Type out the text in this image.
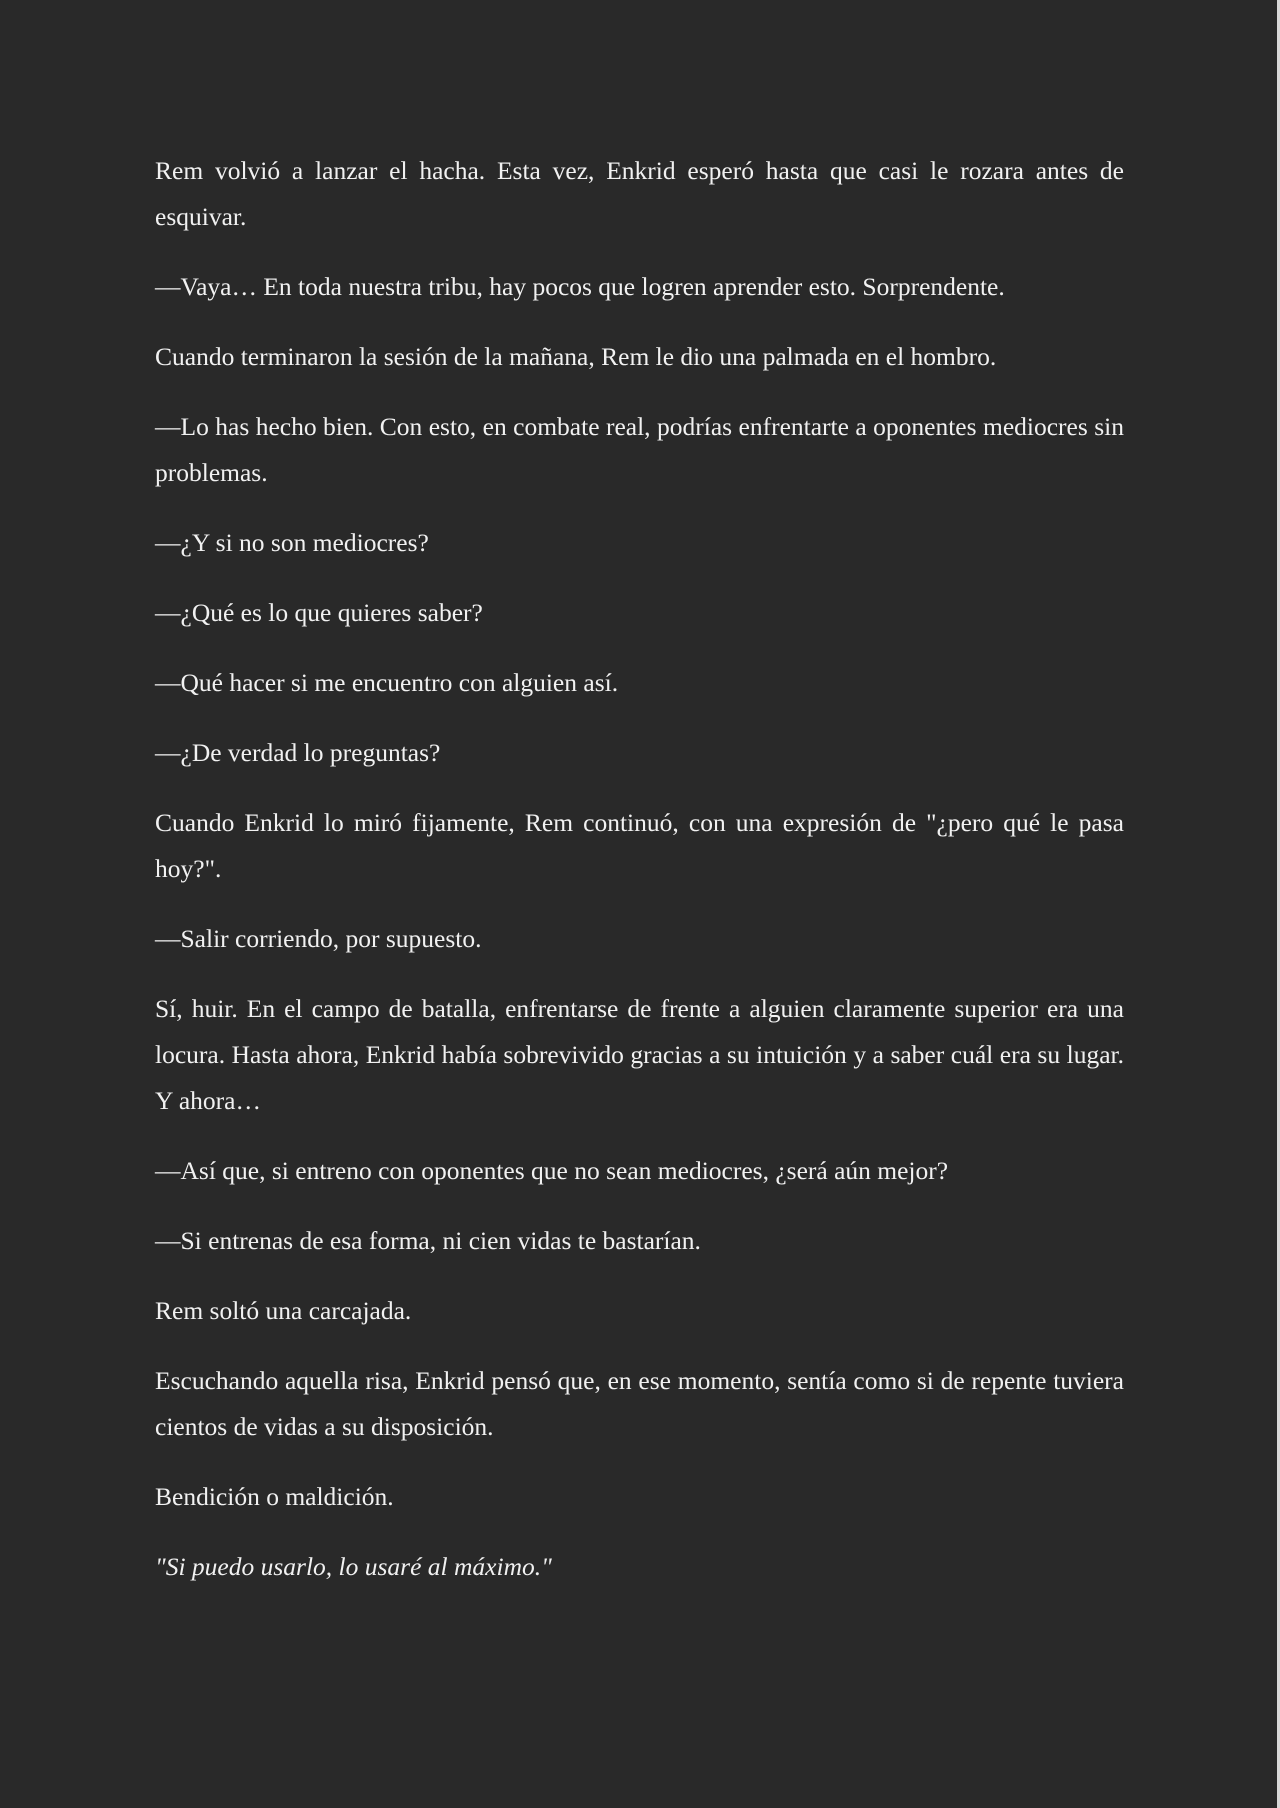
Rem volvió a lanzar el hacha. Esta vez, Enkrid esperó hasta que casi le rozara antes de esquivar.

—Vaya… En toda nuestra tribu, hay pocos que logren aprender esto. Sorprendente.

Cuando terminaron la sesión de la mañana, Rem le dio una palmada en el hombro.

—Lo has hecho bien. Con esto, en combate real, podrías enfrentarte a oponentes mediocres sin problemas.

—¿Y si no son mediocres?

—¿Qué es lo que quieres saber?

—Qué hacer si me encuentro con alguien así.

—¿De verdad lo preguntas?

Cuando Enkrid lo miró fijamente, Rem continuó, con una expresión de "¿pero qué le pasa hoy?".

—Salir corriendo, por supuesto.

Sí, huir. En el campo de batalla, enfrentarse de frente a alguien claramente superior era una locura. Hasta ahora, Enkrid había sobrevivido gracias a su intuición y a saber cuál era su lugar. Y ahora…

—Así que, si entreno con oponentes que no sean mediocres, ¿será aún mejor?

—Si entrenas de esa forma, ni cien vidas te bastarían.

Rem soltó una carcajada.

Escuchando aquella risa, Enkrid pensó que, en ese momento, sentía como si de repente tuviera cientos de vidas a su disposición.

Bendición o maldición.

"Si puedo usarlo, lo usaré al máximo."
